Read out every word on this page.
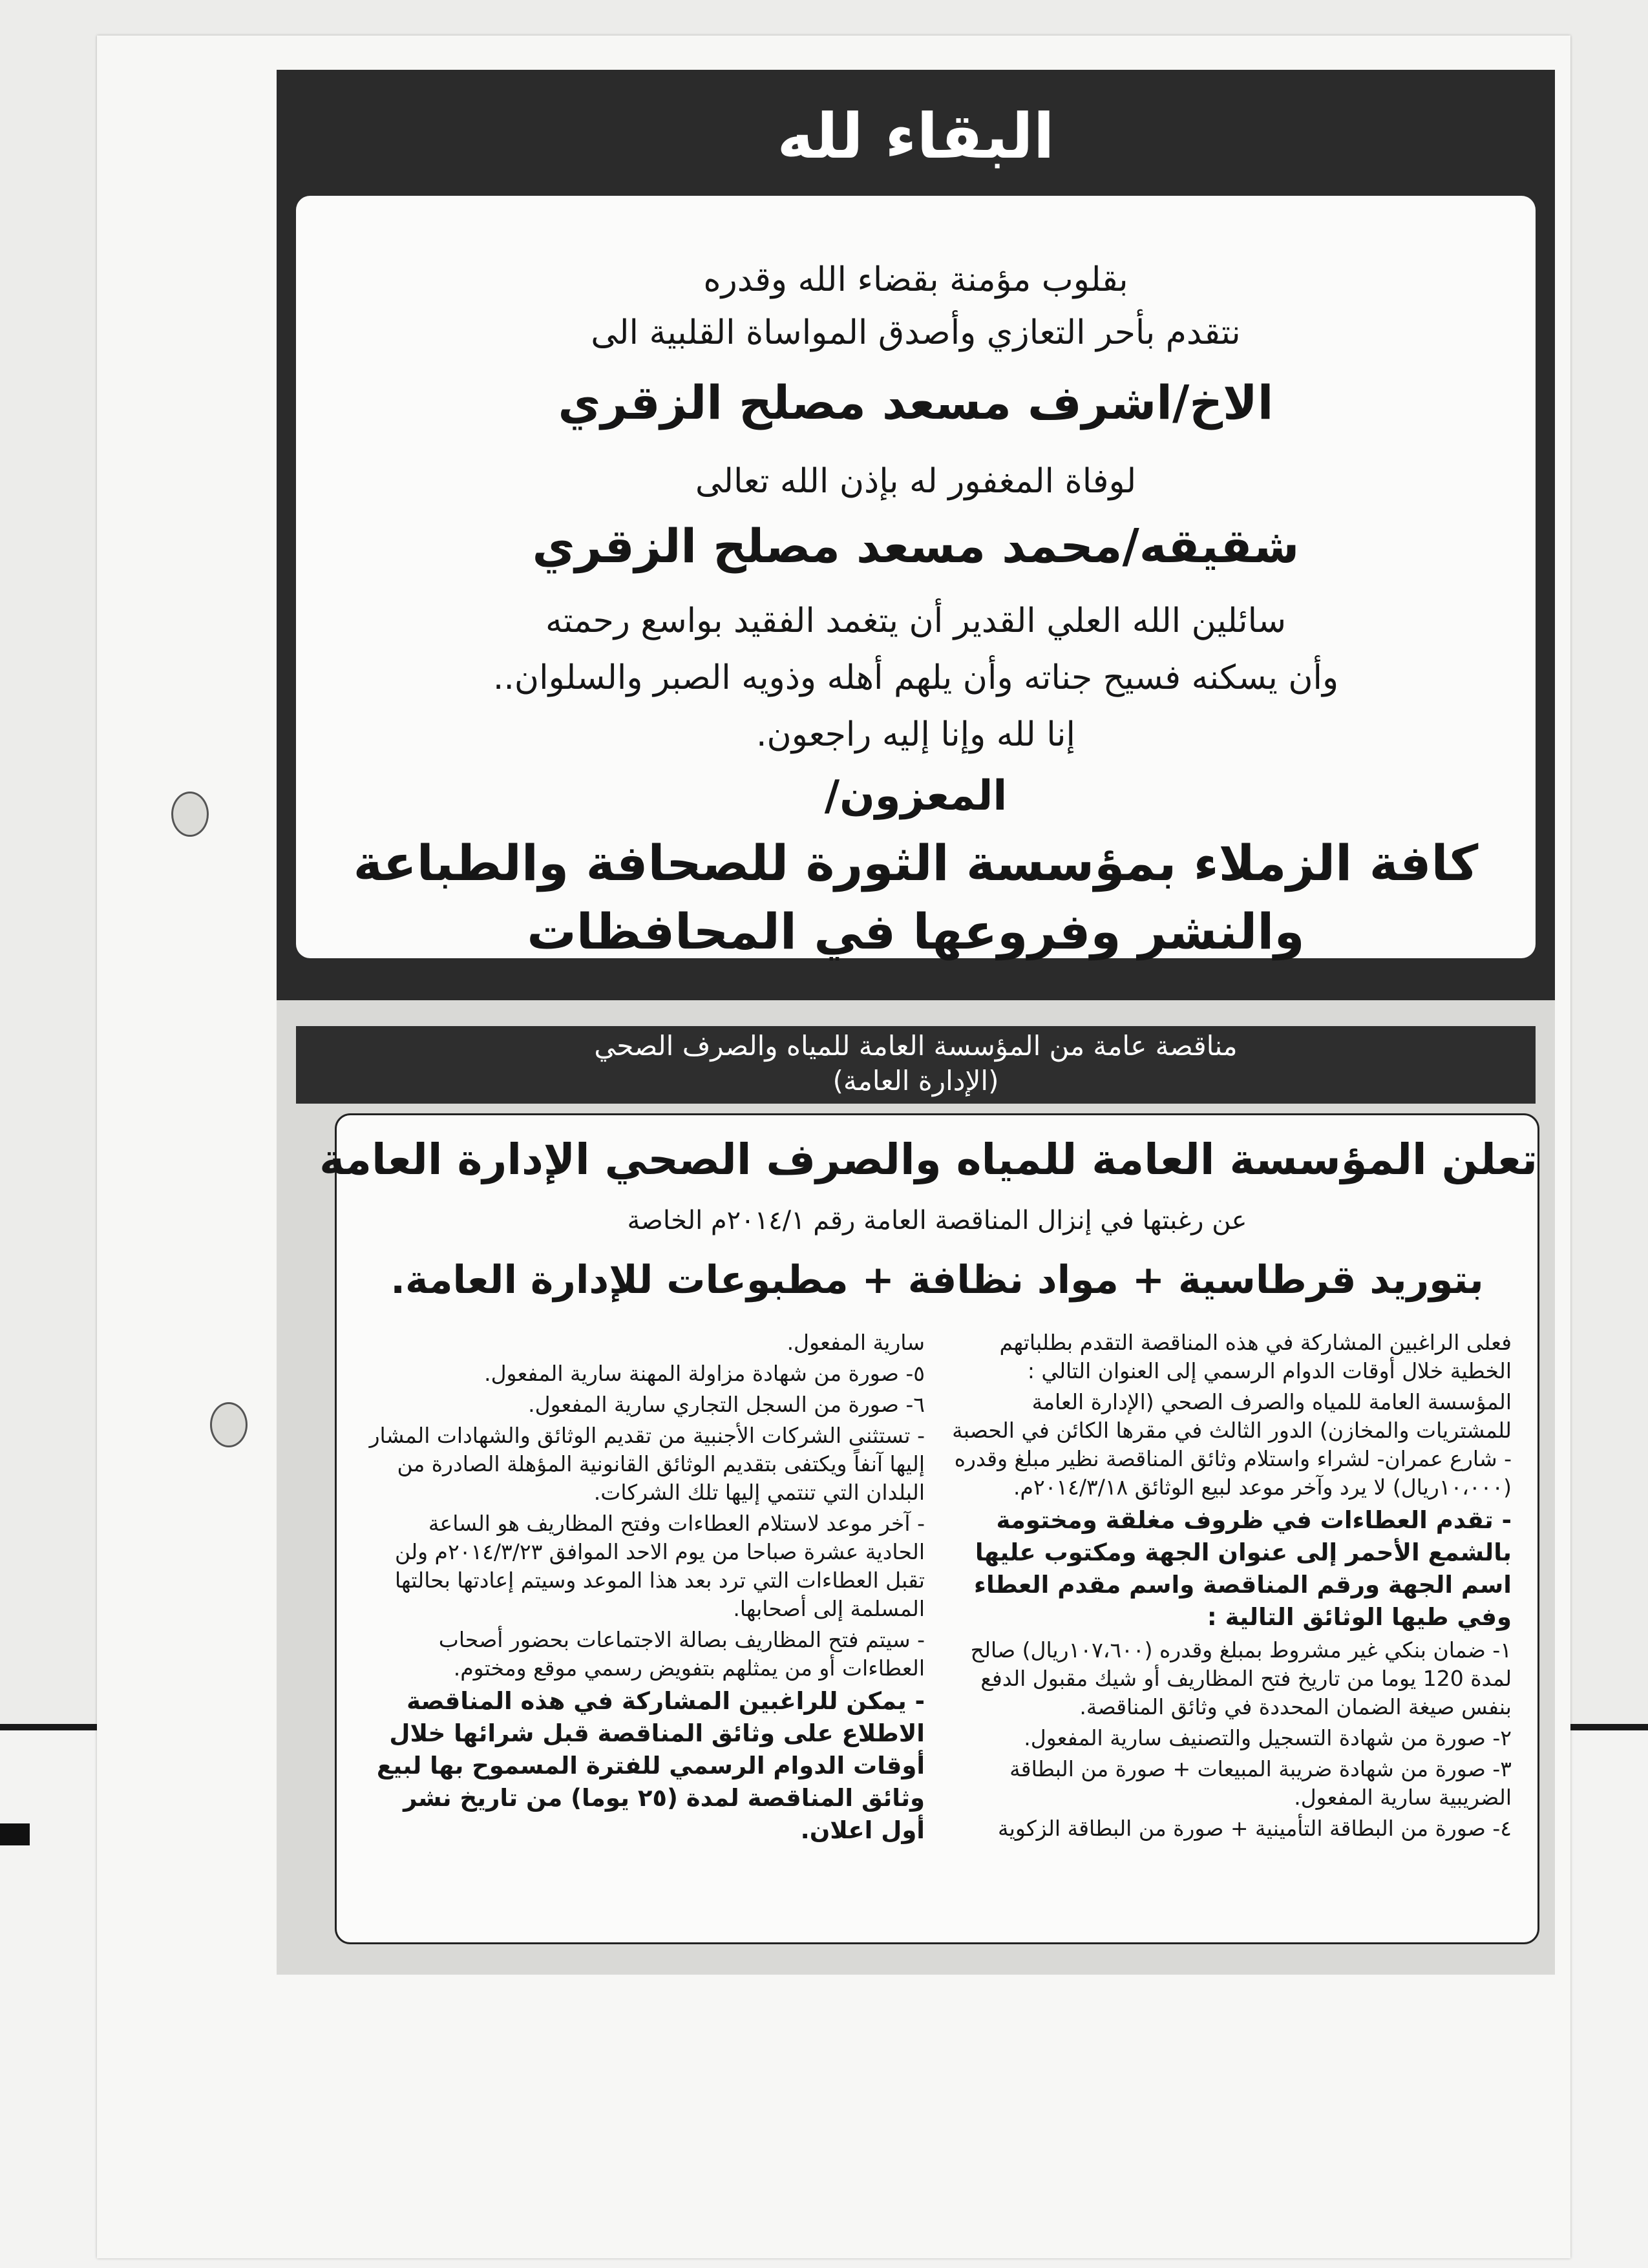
البقاء لله
بقلوب مؤمنة بقضاء الله وقدره
نتقدم بأحر التعازي وأصدق المواساة القلبية الى
الاخ/اشرف مسعد مصلح الزقري
لوفاة المغفور له بإذن الله تعالى
شقيقه/محمد مسعد مصلح الزقري
سائلين الله العلي القدير أن يتغمد الفقيد بواسع رحمته
وأن يسكنه فسيح جناته وأن يلهم أهله وذويه الصبر والسلوان..
إنا لله وإنا إليه راجعون.
المعزون/
كافة الزملاء بمؤسسة الثورة للصحافة والطباعة
والنشر وفروعها في المحافظات
مناقصة عامة من المؤسسة العامة للمياه والصرف الصحي
(الإدارة العامة)
تعلن المؤسسة العامة للمياه والصرف الصحي الإدارة العامة
عن رغبتها في إنزال المناقصة العامة رقم ٢٠١٤/١م الخاصة
بتوريد قرطاسية + مواد نظافة + مطبوعات للإدارة العامة.

فعلى الراغبين المشاركة في هذه المناقصة التقدم بطلباتهم الخطية خلال أوقات الدوام الرسمي إلى العنوان التالي :

المؤسسة العامة للمياه والصرف الصحي (الإدارة العامة للمشتريات والمخازن) الدور الثالث في مقرها الكائن في الحصبة - شارع عمران- لشراء واستلام وثائق المناقصة نظير مبلغ وقدره (١٠،٠٠٠ريال) لا يرد وآخر موعد لبيع الوثائق ٢٠١٤/٣/١٨م.

- تقدم العطاءات في ظروف مغلقة ومختومة بالشمع الأحمر إلى عنوان الجهة ومكتوب عليها اسم الجهة ورقم المناقصة واسم مقدم العطاء وفي طيها الوثائق التالية :

١- ضمان بنكي غير مشروط بمبلغ وقدره (١٠٧،٦٠٠ريال) صالح لمدة 120 يوما من تاريخ فتح المظاريف أو شيك مقبول الدفع بنفس صيغة الضمان المحددة في وثائق المناقصة.

٢- صورة من شهادة التسجيل والتصنيف سارية المفعول.

٣- صورة من شهادة ضريبة المبيعات + صورة من البطاقة الضريبية سارية المفعول.

٤- صورة من البطاقة التأمينية + صورة من البطاقة الزكوية

سارية المفعول.

٥- صورة من شهادة مزاولة المهنة سارية المفعول.

٦- صورة من السجل التجاري سارية المفعول.

- تستثنى الشركات الأجنبية من تقديم الوثائق والشهادات المشار إليها آنفاً ويكتفى بتقديم الوثائق القانونية المؤهلة الصادرة من البلدان التي تنتمي إليها تلك الشركات.

- آخر موعد لاستلام العطاءات وفتح المظاريف هو الساعة الحادية عشرة صباحا من يوم الاحد الموافق ٢٠١٤/٣/٢٣م ولن تقبل العطاءات التي ترد بعد هذا الموعد وسيتم إعادتها بحالتها المسلمة إلى أصحابها.

- سيتم فتح المظاريف بصالة الاجتماعات بحضور أصحاب العطاءات أو من يمثلهم بتفويض رسمي موقع ومختوم.

- يمكن للراغبين المشاركة في هذه المناقصة الاطلاع على وثائق المناقصة قبل شرائها خلال أوقات الدوام الرسمي للفترة المسموح بها لبيع وثائق المناقصة لمدة (٢٥ يوما) من تاريخ نشر أول اعلان.
